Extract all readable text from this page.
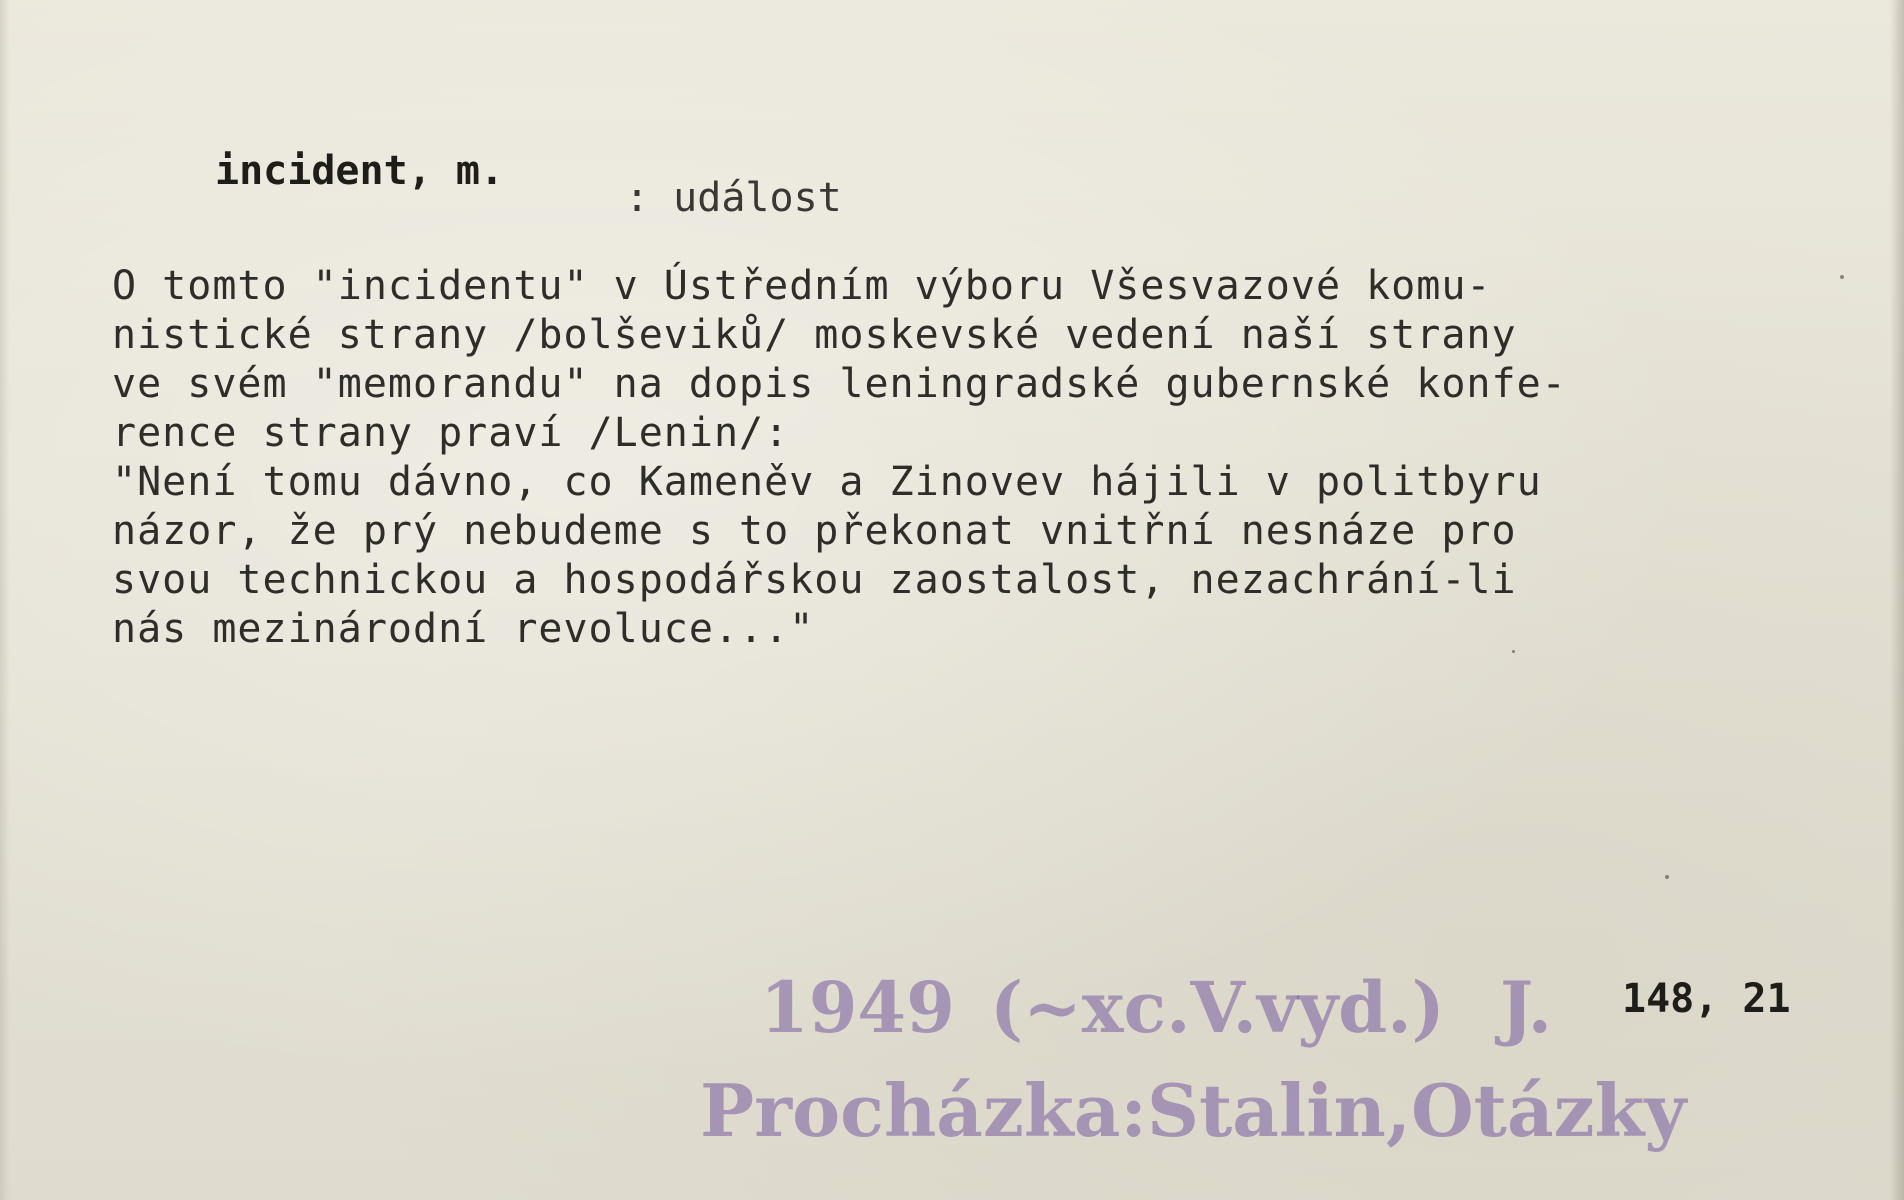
incident, m.
: událost
O tomto "incidentu" v Ústředním výboru Všesvazové komu-
nistické strany /bolševiků/ moskevské vedení naší strany
ve svém "memorandu" na dopis leningradské gubernské konfe-
rence strany praví /Lenin/:
"Není tomu dávno, co Kameněv a Zinovev hájili v politbyru
názor, že prý nebudeme s to překonat vnitřní nesnáze pro
svou technickou a hospodářskou zaostalost, nezachrání-li
nás mezinárodní revoluce..."
1949 (~xc.V.vyd.) J.
Procházka:Stalin,Otázky
148, 21
